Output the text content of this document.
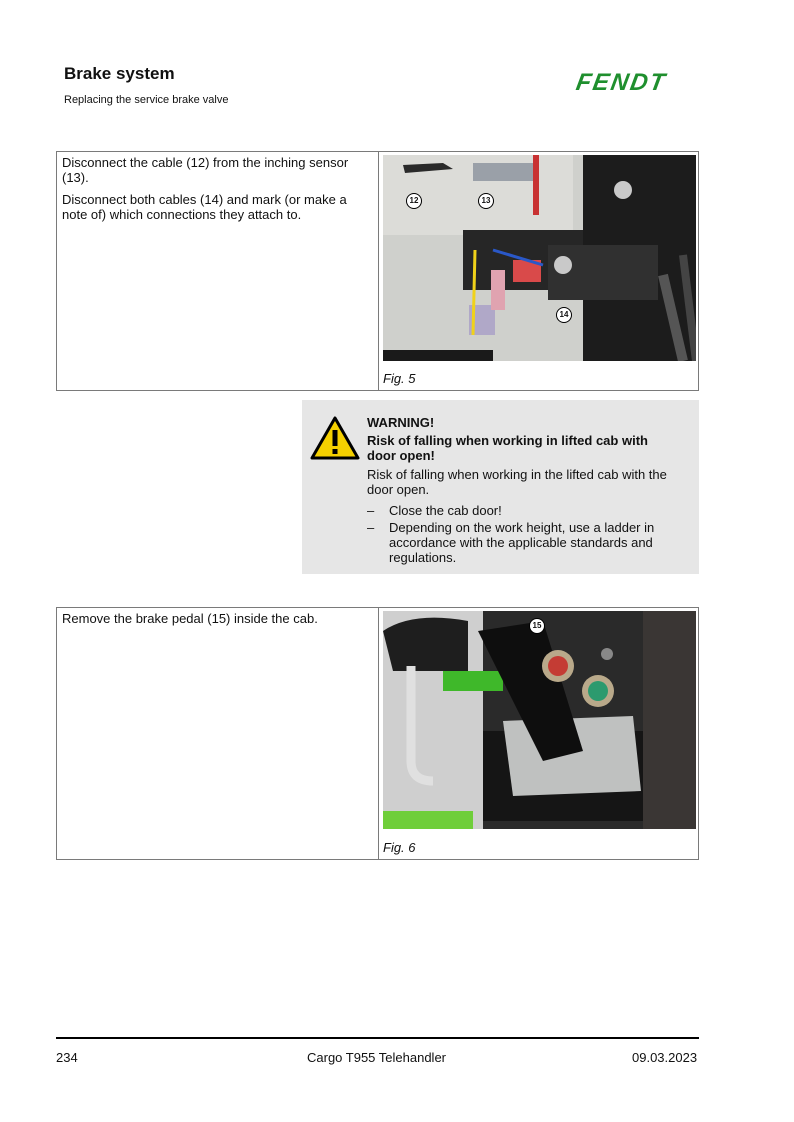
Brake system
Replacing the service brake valve
FENDT

Disconnect the cable (12) from the inching sensor (13).

Disconnect both cables (14) and mark (or make a note of) which connections they attach to.

12	13
14
Fig. 5
WARNING!
Risk of falling when working in lifted cab with door open!
Risk of falling when working in the lifted cab with the door open.
– Close the cab door!
– Depending on the work height, use a ladder in accordance with the applicable standards and regulations.

Remove the brake pedal (15) inside the cab.	15
Fig. 6
234	Cargo T955 Telehandler	09.03.2023
